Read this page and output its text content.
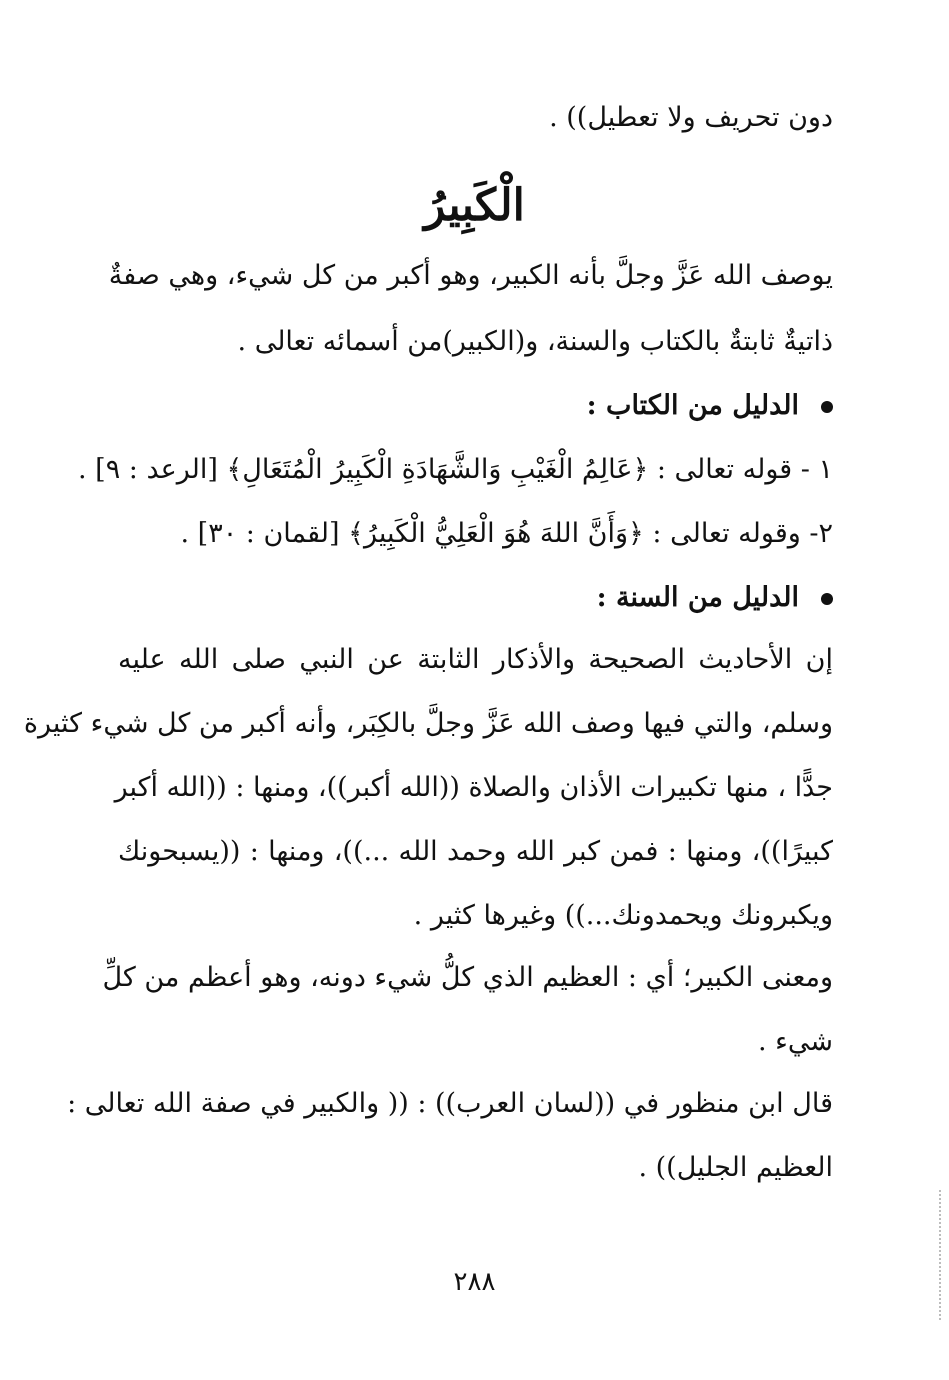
دون تحريف ولا تعطيل)) .
الْكَبِيرُ
يوصف الله عَزَّ وجلَّ بأنه الكبير، وهو أكبر من كل شيء، وهي صفةٌ
ذاتيةٌ ثابتةٌ بالكتاب والسنة، و(الكبير)من أسمائه تعالى .
الدليل من الكتاب :
١ - قوله تعالى : ﴿عَالِمُ الْغَيْبِ وَالشَّهَادَةِ الْكَبِيرُ الْمُتَعَالِ﴾ [الرعد : ٩] .
٢- وقوله تعالى : ﴿وَأَنَّ اللهَ هُوَ الْعَلِيُّ الْكَبِيرُ﴾ [لقمان : ٣٠] .
الدليل من السنة :
إن الأحاديث الصحيحة والأذكار الثابتة عن النبي صلى الله عليه
وسلم، والتي فيها وصف الله عَزَّ وجلَّ بالكِبَر، وأنه أكبر من كل شيء كثيرة
جدًّا ، منها تكبيرات الأذان والصلاة ((الله أكبر))، ومنها : ((الله أكبر
كبيرًا))، ومنها : فمن كبر الله وحمد الله ...))، ومنها : ((يسبحونك
ويكبرونك ويحمدونك...)) وغيرها كثير .
ومعنى الكبير؛ أي : العظيم الذي كلُّ شيء دونه، وهو أعظم من كلِّ
شيء .
قال ابن منظور في ((لسان العرب)) : (( والكبير في صفة الله تعالى :
العظيم الجليل)) .
٢٨٨
